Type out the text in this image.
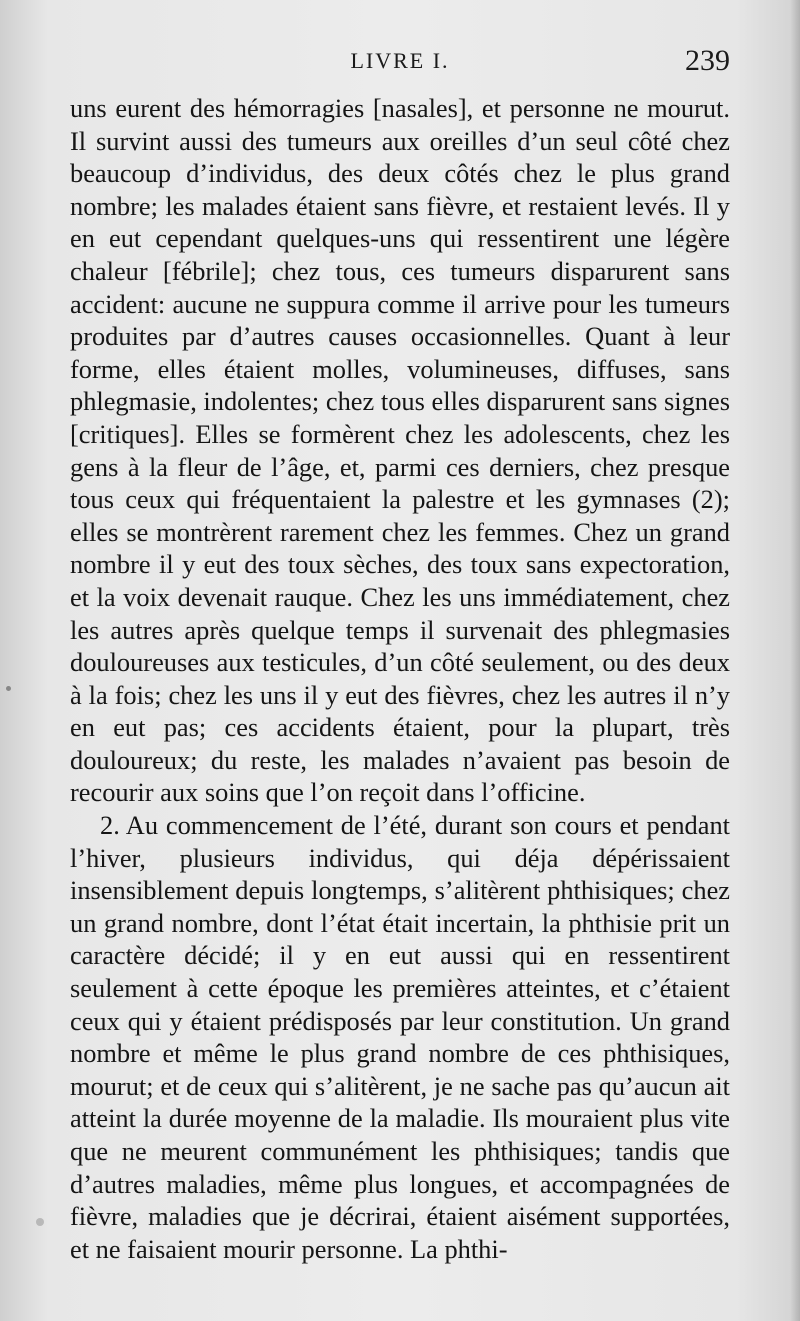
LIVRE I.	239

uns eurent des hémorragies [nasales], et personne ne mourut. Il survint aussi des tumeurs aux oreilles d’un seul côté chez beaucoup d’individus, des deux côtés chez le plus grand nombre; les malades étaient sans fièvre, et restaient levés. Il y en eut cependant quelques-uns qui ressentirent une légère chaleur [fébrile]; chez tous, ces tumeurs disparurent sans accident: aucune ne suppura comme il arrive pour les tumeurs produites par d’autres causes occasionnelles. Quant à leur forme, elles étaient molles, volumineuses, diffuses, sans phlegmasie, indolentes; chez tous elles disparurent sans signes [critiques]. Elles se formèrent chez les adolescents, chez les gens à la fleur de l’âge, et, parmi ces derniers, chez presque tous ceux qui fréquentaient la palestre et les gymnases (2); elles se montrèrent rarement chez les femmes. Chez un grand nombre il y eut des toux sèches, des toux sans expectoration, et la voix devenait rauque. Chez les uns immédiatement, chez les autres après quelque temps il survenait des phlegmasies douloureuses aux testicules, d’un côté seulement, ou des deux à la fois; chez les uns il y eut des fièvres, chez les autres il n’y en eut pas; ces accidents étaient, pour la plupart, très douloureux; du reste, les malades n’avaient pas besoin de recourir aux soins que l’on reçoit dans l’officine.

2. Au commencement de l’été, durant son cours et pendant l’hiver, plusieurs individus, qui déja dépérissaient insensiblement depuis longtemps, s’alitèrent phthisiques; chez un grand nombre, dont l’état était incertain, la phthisie prit un caractère décidé; il y en eut aussi qui en ressentirent seulement à cette époque les premières atteintes, et c’étaient ceux qui y étaient prédisposés par leur constitution. Un grand nombre et même le plus grand nombre de ces phthisiques, mourut; et de ceux qui s’alitèrent, je ne sache pas qu’aucun ait atteint la durée moyenne de la maladie. Ils mouraient plus vite que ne meurent communément les phthisiques; tandis que d’autres maladies, même plus longues, et accompagnées de fièvre, maladies que je décrirai, étaient aisément supportées, et ne faisaient mourir personne. La phthi-
